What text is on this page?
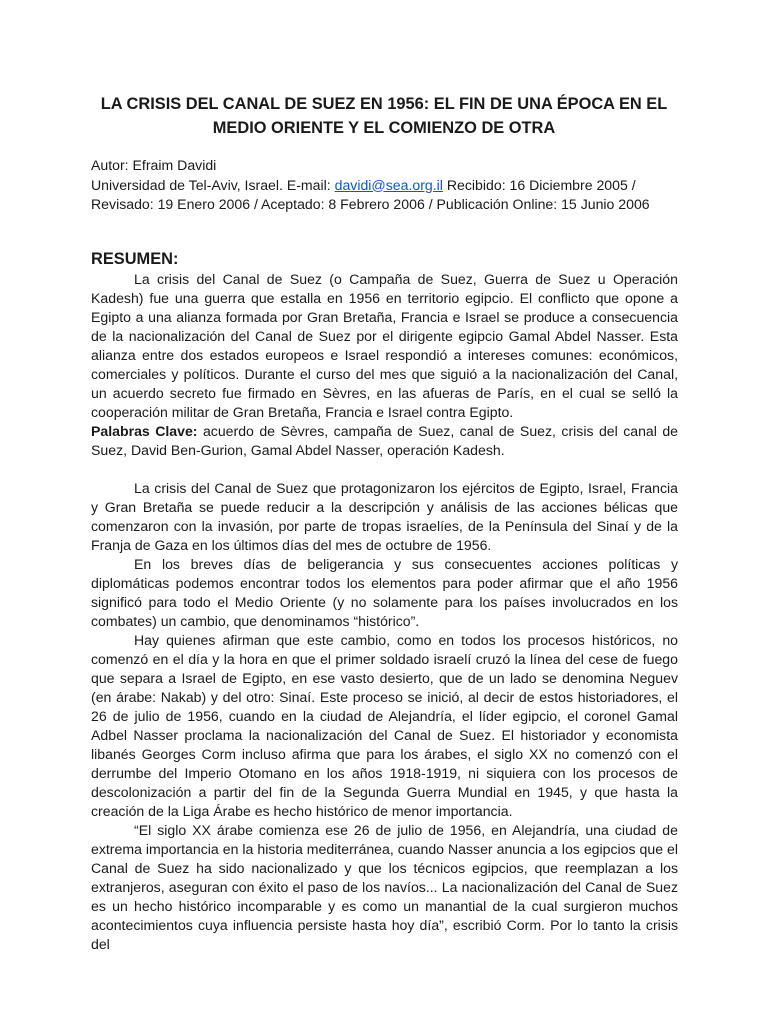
LA CRISIS DEL CANAL DE SUEZ EN 1956: EL FIN DE UNA ÉPOCA EN EL MEDIO ORIENTE Y EL COMIENZO DE OTRA
Autor: Efraim Davidi
Universidad de Tel-Aviv, Israel. E-mail: davidi@sea.org.il Recibido: 16 Diciembre 2005 /
Revisado: 19 Enero 2006 / Aceptado: 8 Febrero 2006 / Publicación Online: 15 Junio 2006
RESUMEN:

La crisis del Canal de Suez (o Campaña de Suez, Guerra de Suez u Operación Kadesh) fue una guerra que estalla en 1956 en territorio egipcio. El conflicto que opone a Egipto a una alianza formada por Gran Bretaña, Francia e Israel se produce a consecuencia de la nacionalización del Canal de Suez por el dirigente egipcio Gamal Abdel Nasser. Esta alianza entre dos estados europeos e Israel respondió a intereses comunes: económicos, comerciales y políticos. Durante el curso del mes que siguió a la nacionalización del Canal, un acuerdo secreto fue firmado en Sèvres, en las afueras de París, en el cual se selló la cooperación militar de Gran Bretaña, Francia e Israel contra Egipto.

Palabras Clave: acuerdo de Sèvres, campaña de Suez, canal de Suez, crisis del canal de Suez, David Ben-Gurion, Gamal Abdel Nasser, operación Kadesh.

La crisis del Canal de Suez que protagonizaron los ejércitos de Egipto, Israel, Francia y Gran Bretaña se puede reducir a la descripción y análisis de las acciones bélicas que comenzaron con la invasión, por parte de tropas israelíes, de la Península del Sinaí y de la Franja de Gaza en los últimos días del mes de octubre de 1956.

En los breves días de beligerancia y sus consecuentes acciones políticas y diplomáticas podemos encontrar todos los elementos para poder afirmar que el año 1956 significó para todo el Medio Oriente (y no solamente para los países involucrados en los combates) un cambio, que denominamos “histórico”.

Hay quienes afirman que este cambio, como en todos los procesos históricos, no comenzó en el día y la hora en que el primer soldado israelí cruzó la línea del cese de fuego que separa a Israel de Egipto, en ese vasto desierto, que de un lado se denomina Neguev (en árabe: Nakab) y del otro: Sinaí. Este proceso se inició, al decir de estos historiadores, el 26 de julio de 1956, cuando en la ciudad de Alejandría, el líder egipcio, el coronel Gamal Adbel Nasser proclama la nacionalización del Canal de Suez. El historiador y economista libanés Georges Corm incluso afirma que para los árabes, el siglo XX no comenzó con el derrumbe del Imperio Otomano en los años 1918-1919, ni siquiera con los procesos de descolonización a partir del fin de la Segunda Guerra Mundial en 1945, y que hasta la creación de la Liga Árabe es hecho histórico de menor importancia.

“El siglo XX árabe comienza ese 26 de julio de 1956, en Alejandría, una ciudad de extrema importancia en la historia mediterránea, cuando Nasser anuncia a los egipcios que el Canal de Suez ha sido nacionalizado y que los técnicos egipcios, que reemplazan a los extranjeros, aseguran con éxito el paso de los navíos... La nacionalización del Canal de Suez es un hecho histórico incomparable y es como un manantial de la cual surgieron muchos acontecimientos cuya influencia persiste hasta hoy día”, escribió Corm. Por lo tanto la crisis del
